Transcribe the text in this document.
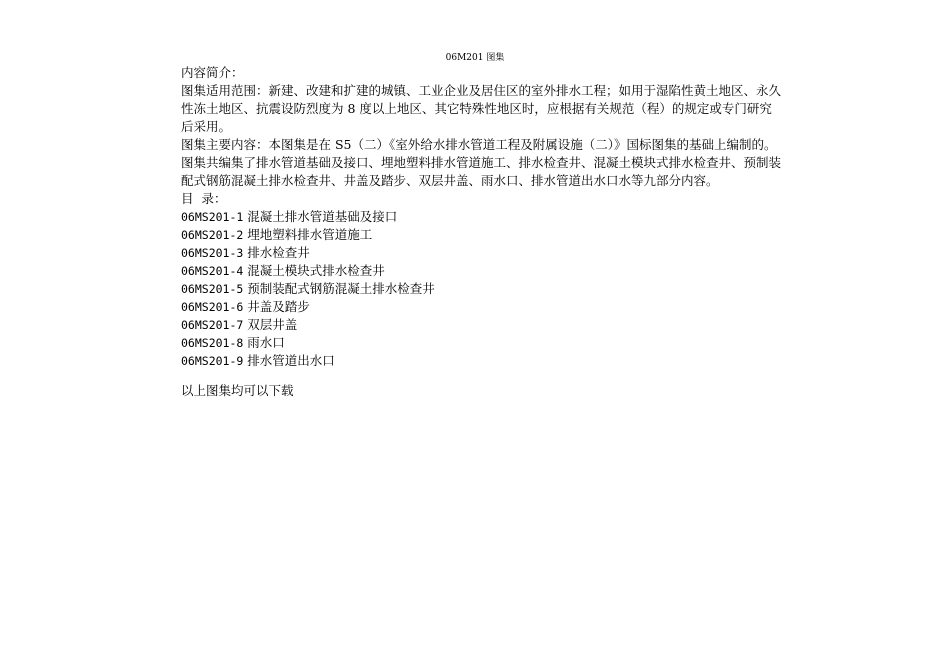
06M201 图集

内容简介：

图集适用范围：新建、改建和扩建的城镇、工业企业及居住区的室外排水工程；如用于湿陷性黄土地区、永久性冻土地区、抗震设防烈度为 8 度以上地区、其它特殊性地区时，应根据有关规范（程）的规定或专门研究后采用。

图集主要内容：本图集是在 S5（二）《室外给水排水管道工程及附属设施（二）》国标图集的基础上编制的。图集共编集了排水管道基础及接口、埋地塑料排水管道施工、排水检查井、混凝土模块式排水检查井、预制装配式钢筋混凝土排水检查井、井盖及踏步、双层井盖、雨水口、排水管道出水口水等九部分内容。

目  录：

06MS201-1 混凝土排水管道基础及接口
06MS201-2 埋地塑料排水管道施工
06MS201-3 排水检查井
06MS201-4 混凝土模块式排水检查井
06MS201-5 预制装配式钢筋混凝土排水检查井
06MS201-6 井盖及踏步
06MS201-7 双层井盖
06MS201-8 雨水口
06MS201-9 排水管道出水口

以上图集均可以下载
